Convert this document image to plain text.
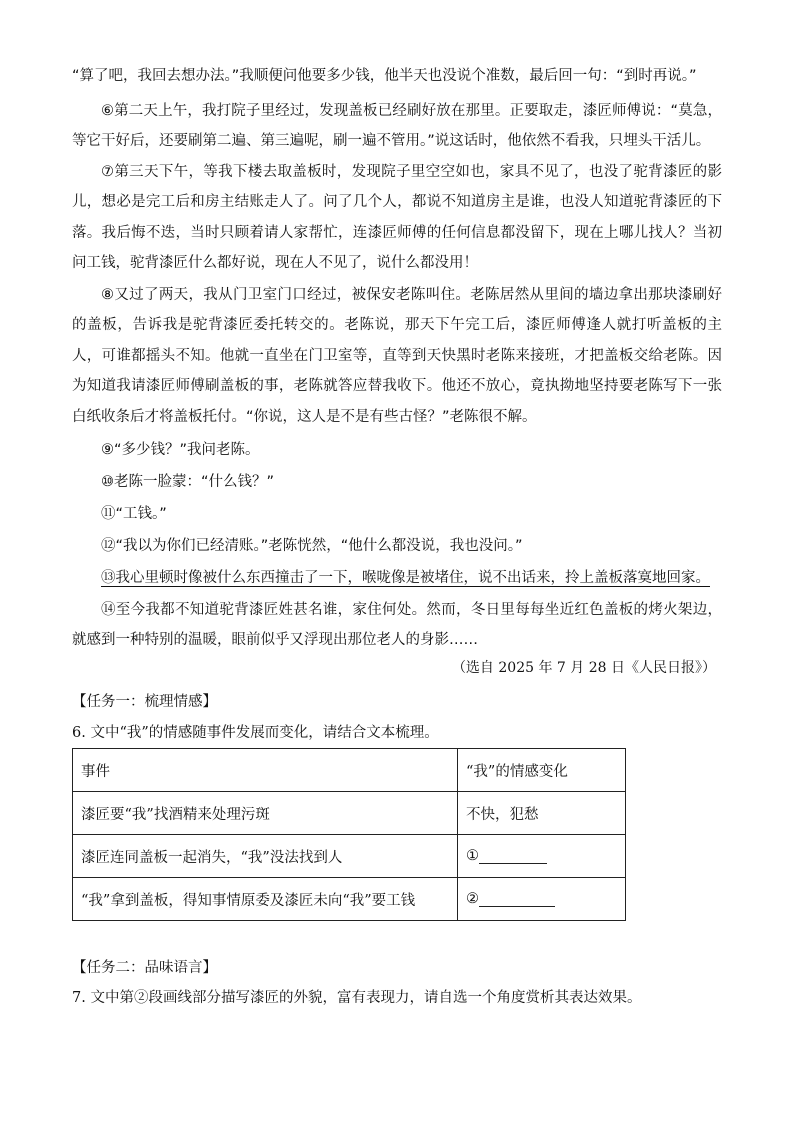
“算了吧，我回去想办法。”我顺便问他要多少钱，他半天也没说个准数，最后回一句：“到时再说。”

⑥第二天上午，我打院子里经过，发现盖板已经刷好放在那里。正要取走，漆匠师傅说：“莫急，等它干好后，还要刷第二遍、第三遍呢，刷一遍不管用。”说这话时，他依然不看我，只埋头干活儿。

⑦第三天下午，等我下楼去取盖板时，发现院子里空空如也，家具不见了，也没了驼背漆匠的影儿，想必是完工后和房主结账走人了。问了几个人，都说不知道房主是谁，也没人知道驼背漆匠的下落。我后悔不迭，当时只顾着请人家帮忙，连漆匠师傅的任何信息都没留下，现在上哪儿找人？当初问工钱，驼背漆匠什么都好说，现在人不见了，说什么都没用！

⑧又过了两天，我从门卫室门口经过，被保安老陈叫住。老陈居然从里间的墙边拿出那块漆刷好的盖板，告诉我是驼背漆匠委托转交的。老陈说，那天下午完工后，漆匠师傅逢人就打听盖板的主人，可谁都摇头不知。他就一直坐在门卫室等，直等到天快黑时老陈来接班，才把盖板交给老陈。因为知道我请漆匠师傅刷盖板的事，老陈就答应替我收下。他还不放心，竟执拗地坚持要老陈写下一张白纸收条后才将盖板托付。“你说，这人是不是有些古怪？”老陈很不解。

⑨“多少钱？”我问老陈。

⑩老陈一脸蒙：“什么钱？”

⑪“工钱。”

⑫“我以为你们已经清账。”老陈恍然，“他什么都没说，我也没问。”

⑬我心里顿时像被什么东西撞击了一下，喉咙像是被堵住，说不出话来，拎上盖板落寞地回家。

⑭至今我都不知道驼背漆匠姓甚名谁，家住何处。然而，冬日里每每坐近红色盖板的烤火架边，就感到一种特别的温暖，眼前似乎又浮现出那位老人的身影……

（选自 2025 年 7 月 28 日《人民日报》）

【任务一：梳理情感】

6. 文中“我”的情感随事件发展而变化，请结合文本梳理。

事件	“我”的情感变化
漆匠要“我”找酒精来处理污斑	不快，犯愁
漆匠连同盖板一起消失，“我”没法找到人	①
“我”拿到盖板，得知事情原委及漆匠未向“我”要工钱	②

【任务二：品味语言】

7. 文中第②段画线部分描写漆匠的外貌，富有表现力，请自选一个角度赏析其表达效果。
